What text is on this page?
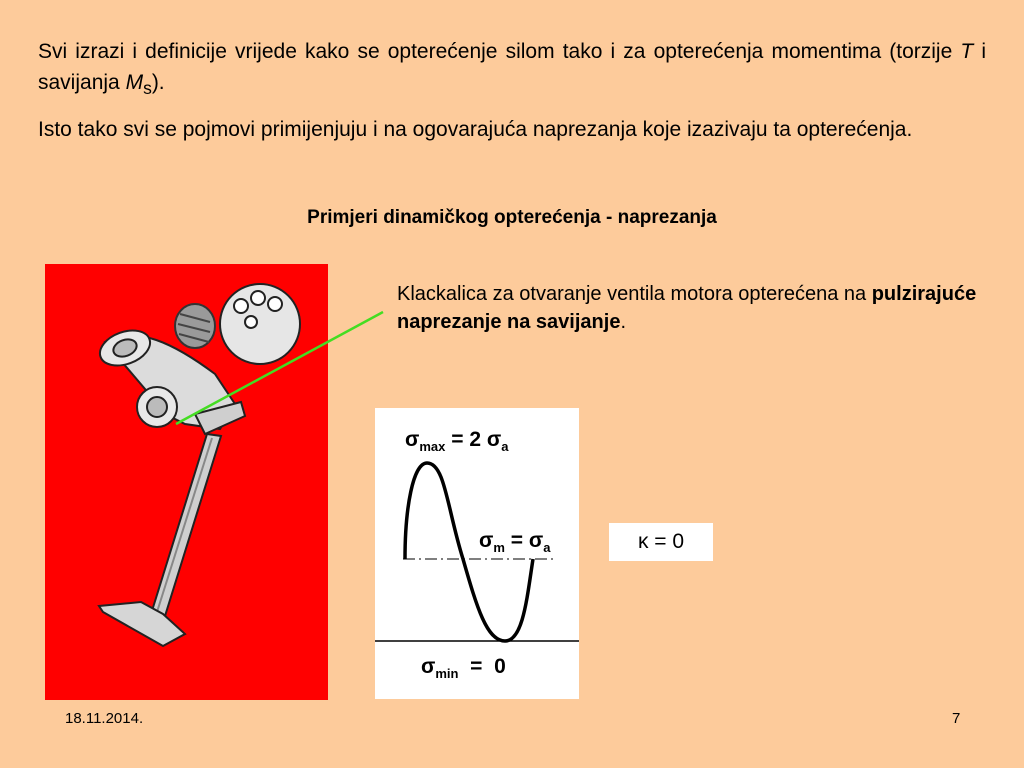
Svi izrazi i definicije vrijede kako se opterećenje silom tako i za opterećenja momentima (torzije T i savijanja $M_s$).
Isto tako svi se pojmovi primijenjuju i na ogovarajuća naprezanja koje izazivaju ta opterećenja.
Primjeri dinamičkog opterećenja - naprezanja
Klackalica za otvaranje ventila motora opterećena na pulzirajuće naprezanje na savijanje.
$\sigma_{max} = 2$ $\sigma_a$
$\sigma_m = \sigma_a$
$\sigma_{min} = 0$
κ = 0
18.11.2014.	7
